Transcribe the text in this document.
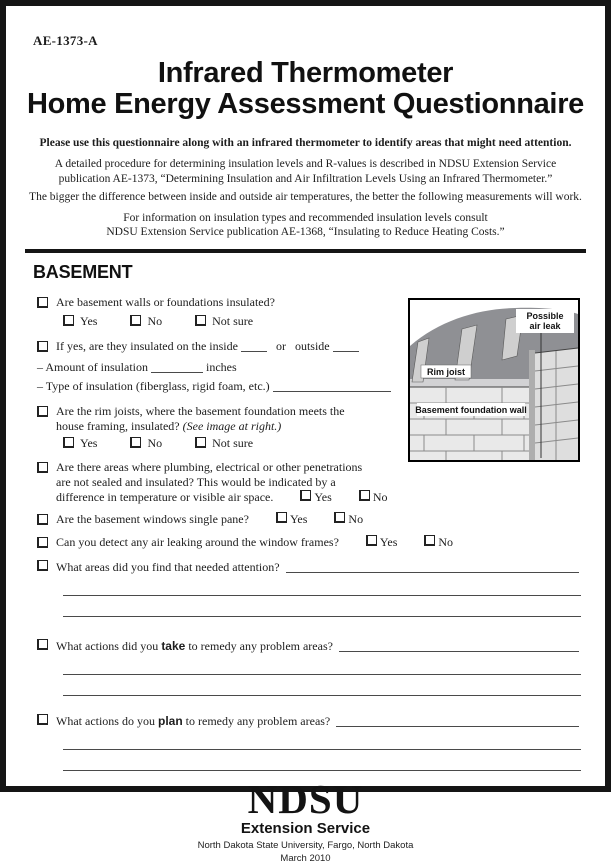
AE-1373-A
Infrared Thermometer
Home Energy Assessment Questionnaire
Please use this questionnaire along with an infrared thermometer to identify areas that might need attention.
A detailed procedure for determining insulation levels and R-values is described in NDSU Extension Service
publication AE-1373, “Determining Insulation and Air Infiltration Levels Using an Infrared Thermometer.”
The bigger the difference between inside and outside air temperatures, the better the following measurements will work.
For information on insulation types and recommended insulation levels consult
NDSU Extension Service publication AE-1368, “Insulating to Reduce Heating Costs.”
BASEMENT
Are basement walls or foundations insulated?
Yes	No	Not sure
If yes, are they insulated on the inside	or outside
– Amount of insulation	inches
– Type of insulation (fiberglass, rigid foam, etc.)
Are the rim joists, where the basement foundation meets the
house framing, insulated? (See image at right.)
Yes	No	Not sure
Are there areas where plumbing, electrical or other penetrations
are not sealed and insulated? This would be indicated by a
difference in temperature or visible air space.	Yes	No
Are the basement windows single pane?	Yes	No
Can you detect any air leaking around the window frames?	Yes	No
What areas did you find that needed attention?
What actions did you take to remedy any problem areas?
What actions do you plan to remedy any problem areas?
Possible
air leak
Rim joist
Basement foundation wall
NDSU
Extension Service
North Dakota State University, Fargo, North Dakota
March 2010
